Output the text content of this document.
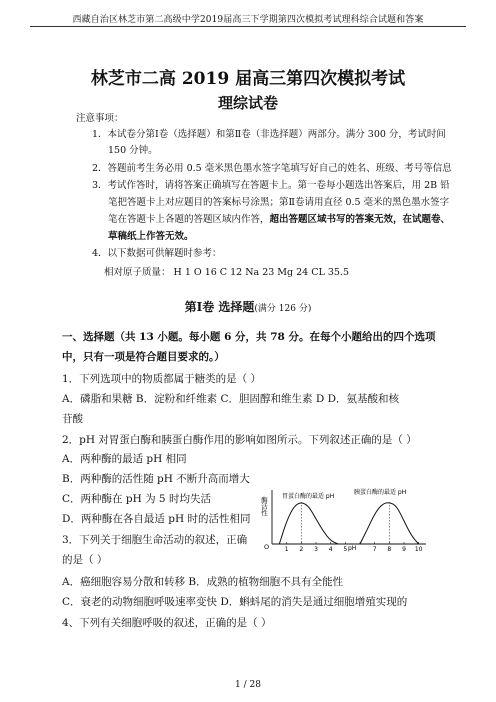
西藏自治区林芝市第二高级中学2019届高三下学期第四次模拟考试理科综合试题和答案
林芝市二高 2019 届高三第四次模拟考试
理综试卷
注意事项：
1．本试卷分第Ⅰ卷（选择题）和第Ⅱ卷（非选择题）两部分。满分 300 分，考试时间
150 分钟。
2．答题前考生务必用 0.5 毫米黑色墨水签字笔填写好自己的姓名、班级、考号等信息
3．考试作答时，请将答案正确填写在答题卡上。第一卷每小题选出答案后，用 2B 铅
笔把答题卡上对应题目的答案标号涂黑；第Ⅱ卷请用直径 0.5 毫米的黑色墨水签字
笔在答题卡上各题的答题区域内作答，超出答题区域书写的答案无效，在试题卷、
草稿纸上作答无效。
4．以下数据可供解题时参考：
相对原子质量： H 1 O 16 C 12 Na 23 Mg 24 CL 35.5
第Ⅰ卷 选择题(满分 126 分)
一、选择题（共 13 小题。每小题 6 分，共 78 分。在每个小题给出的四个选项
中，只有一项是符合题目要求的。）
1．下列选项中的物质都属于糖类的是（ ）
A．磷脂和果糖 B．淀粉和纤维素 C．胆固醇和维生素 D D．氨基酸和核
苷酸
2．pH 对胃蛋白酶和胰蛋白酶作用的影响如图所示。下列叙述正确的是（ ）
A．两种酶的最适 pH 相同
B．两种酶的活性随 pH 不断升高而增大
C．两种酶在 pH 为 5 时均失活
D．两种酶在各自最适 pH 时的活性相同
3．下列关于细胞生命活动的叙述，正确
的是（ ）
A．癌细胞容易分散和转移 B．成熟的植物细胞不具有全能性
C．衰老的动物细胞呼吸速率变快 D．蝌蚪尾的消失是通过细胞增殖实现的
4、下列有关细胞呼吸的叙述，正确的是（ ）
酶活性
O	pH
胃蛋白酶的最适 pH
胰蛋白酶的最适 pH
1 2 3 4 5	7 8 9 10
1 / 28
